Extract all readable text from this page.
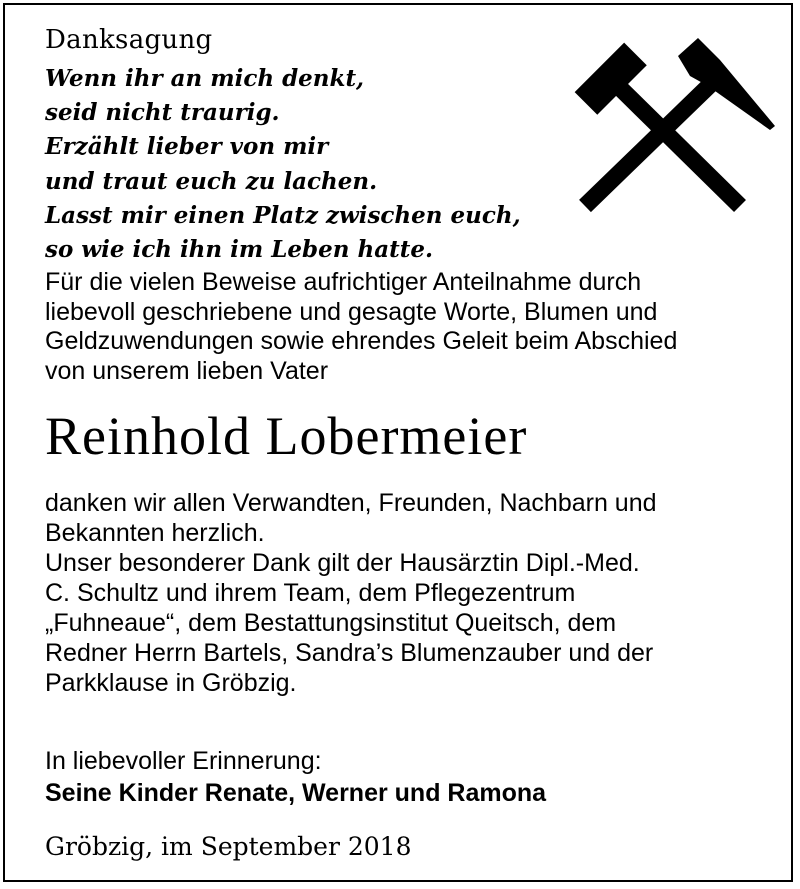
Danksagung
Wenn ihr an mich denkt,
seid nicht traurig.
Erzählt lieber von mir
und traut euch zu lachen.
Lasst mir einen Platz zwischen euch,
so wie ich ihn im Leben hatte.
Für die vielen Beweise aufrichtiger Anteilnahme durch
liebevoll geschriebene und gesagte Worte, Blumen und
Geldzuwendungen sowie ehrendes Geleit beim Abschied
von unserem lieben Vater
Reinhold Lobermeier
danken wir allen Verwandten, Freunden, Nachbarn und
Bekannten herzlich.
Unser besonderer Dank gilt der Hausärztin Dipl.-Med.
C. Schultz und ihrem Team, dem Pflegezentrum
„Fuhneaue“, dem Bestattungsinstitut Queitsch, dem
Redner Herrn Bartels, Sandra’s Blumenzauber und der
Parkklause in Gröbzig.
In liebevoller Erinnerung:
Seine Kinder Renate, Werner und Ramona
Gröbzig, im September 2018
